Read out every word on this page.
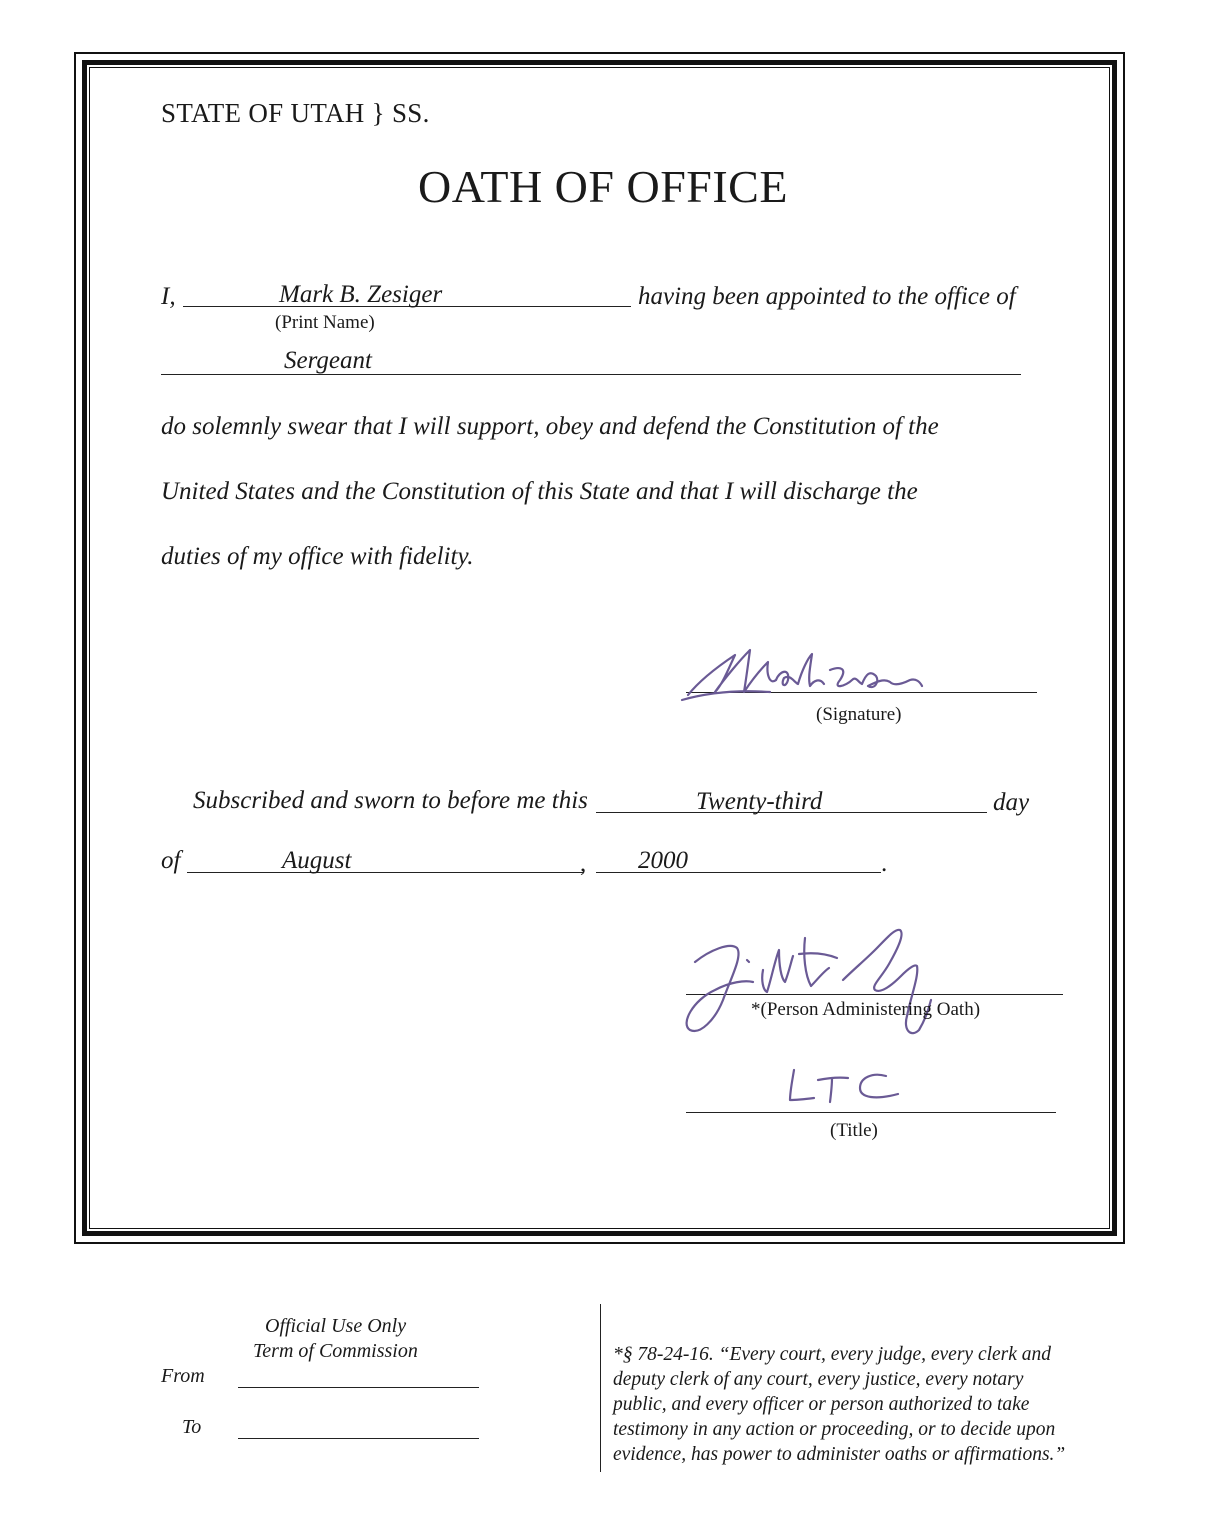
STATE OF UTAH } SS.
OATH OF OFFICE
I,	Mark B. Zesiger
(Print Name)
having been appointed to the office of
Sergeant
do solemnly swear that I will support, obey and defend the Constitution of the
United States and the Constitution of this State and that I will discharge the
duties of my office with fidelity.
(Signature)
Subscribed and sworn to before me this	Twenty-third	day
of	August	, 2000	.
*(Person Administering Oath)
(Title)
Official Use Only
Term of Commission
From
To
*§ 78-24-16. “Every court, every judge, every clerk and
deputy clerk of any court, every justice, every notary
public, and every officer or person authorized to take
testimony in any action or proceeding, or to decide upon
evidence, has power to administer oaths or affirmations.”
